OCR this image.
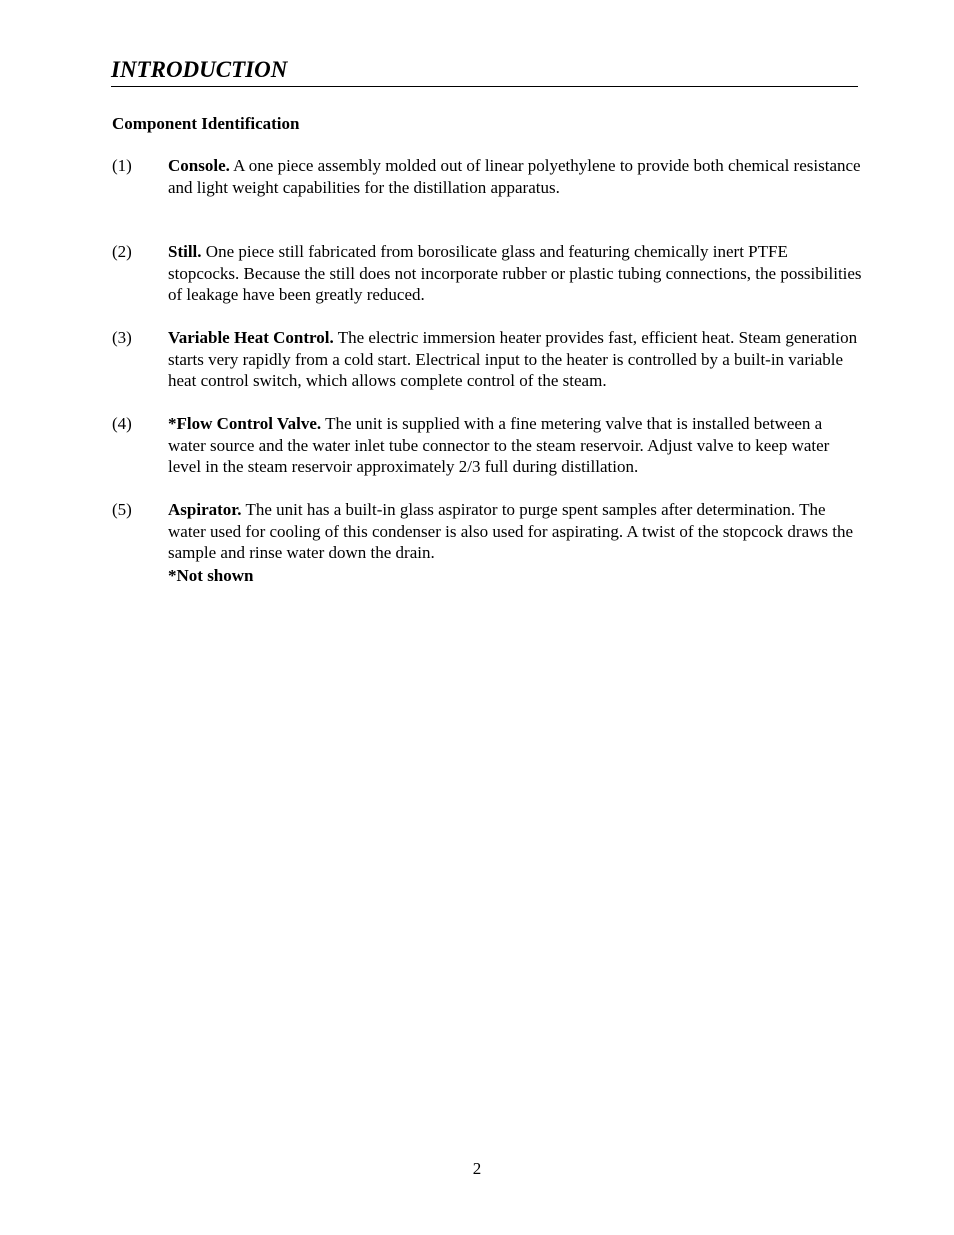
INTRODUCTION
Component Identification
(1) Console. A one piece assembly molded out of linear polyethylene to provide both chemical resistance and light weight capabilities for the distillation apparatus.
(2) Still. One piece still fabricated from borosilicate glass and featuring chemically inert PTFE stopcocks. Because the still does not incorporate rubber or plastic tubing connections, the possibilities of leakage have been greatly reduced.
(3) Variable Heat Control. The electric immersion heater provides fast, efficient heat. Steam generation starts very rapidly from a cold start. Electrical input to the heater is controlled by a built-in variable heat control switch, which allows complete control of the steam.
(4) *Flow Control Valve. The unit is supplied with a fine metering valve that is installed between a water source and the water inlet tube connector to the steam reservoir. Adjust valve to keep water level in the steam reservoir approximately 2/3 full during distillation.
(5) Aspirator. The unit has a built-in glass aspirator to purge spent samples after determination. The water used for cooling of this condenser is also used for aspirating. A twist of the stopcock draws the sample and rinse water down the drain.
*Not shown
2
